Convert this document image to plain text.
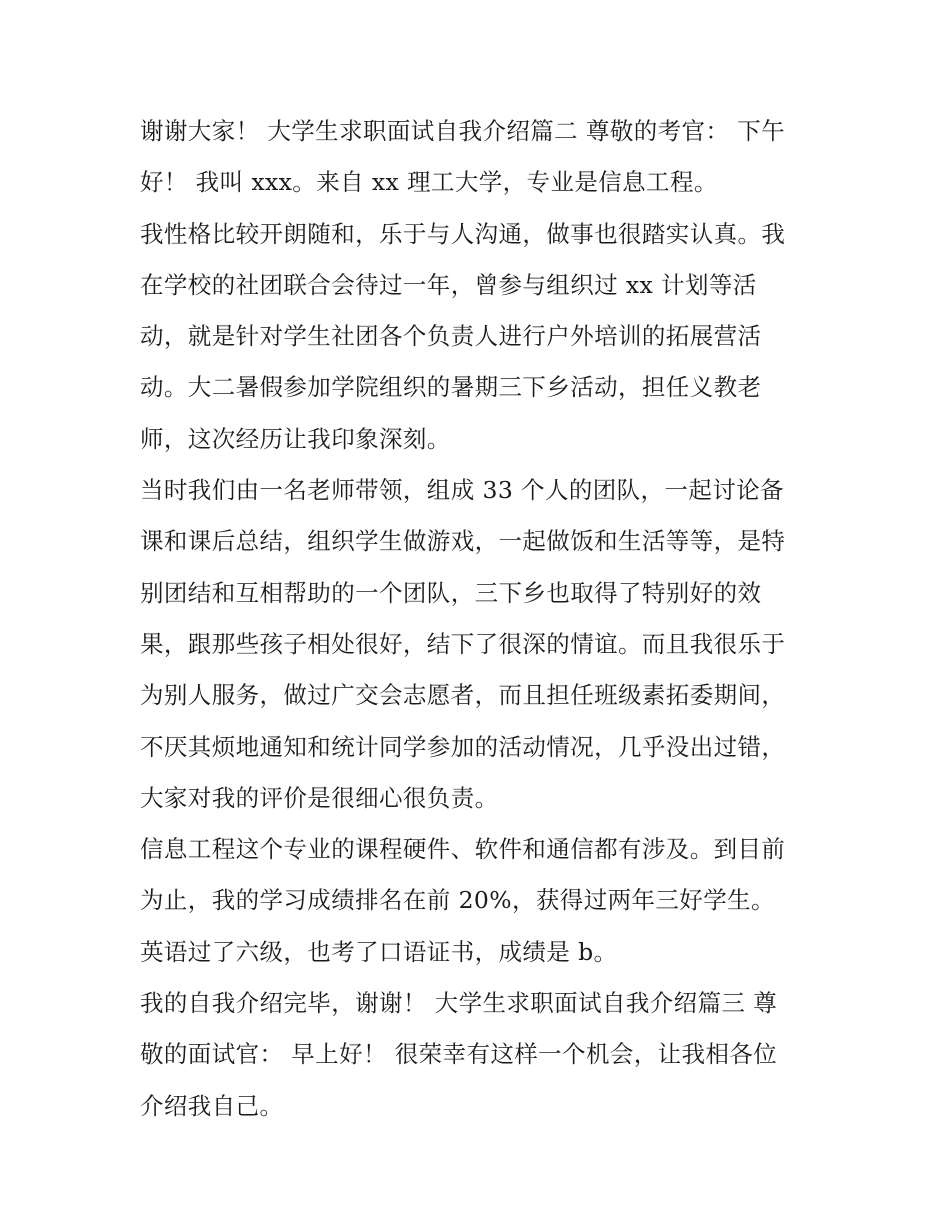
谢谢大家！ 大学生求职面试自我介绍篇二 尊敬的考官： 下午
好！ 我叫 xxx。来自 xx 理工大学，专业是信息工程。
我性格比较开朗随和，乐于与人沟通，做事也很踏实认真。我
在学校的社团联合会待过一年，曾参与组织过 xx 计划等活
动，就是针对学生社团各个负责人进行户外培训的拓展营活
动。大二暑假参加学院组织的暑期三下乡活动，担任义教老
师，这次经历让我印象深刻。
当时我们由一名老师带领，组成 33 个人的团队，一起讨论备
课和课后总结，组织学生做游戏，一起做饭和生活等等，是特
别团结和互相帮助的一个团队，三下乡也取得了特别好的效
果，跟那些孩子相处很好，结下了很深的情谊。而且我很乐于
为别人服务，做过广交会志愿者，而且担任班级素拓委期间，
不厌其烦地通知和统计同学参加的活动情况，几乎没出过错，
大家对我的评价是很细心很负责。
信息工程这个专业的课程硬件、软件和通信都有涉及。到目前
为止，我的学习成绩排名在前 20%，获得过两年三好学生。
英语过了六级，也考了口语证书，成绩是 b。
我的自我介绍完毕，谢谢！ 大学生求职面试自我介绍篇三 尊
敬的面试官： 早上好！ 很荣幸有这样一个机会，让我相各位
介绍我自己。
